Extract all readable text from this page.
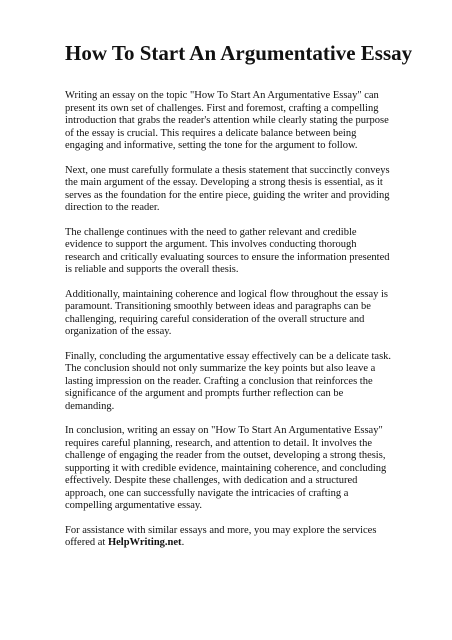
How To Start An Argumentative Essay

Writing an essay on the topic "How To Start An Argumentative Essay" can present its own set of challenges. First and foremost, crafting a compelling introduction that grabs the reader's attention while clearly stating the purpose of the essay is crucial. This requires a delicate balance between being engaging and informative, setting the tone for the argument to follow.

Next, one must carefully formulate a thesis statement that succinctly conveys the main argument of the essay. Developing a strong thesis is essential, as it serves as the foundation for the entire piece, guiding the writer and providing direction to the reader.

The challenge continues with the need to gather relevant and credible evidence to support the argument. This involves conducting thorough research and critically evaluating sources to ensure the information presented is reliable and supports the overall thesis.

Additionally, maintaining coherence and logical flow throughout the essay is paramount. Transitioning smoothly between ideas and paragraphs can be challenging, requiring careful consideration of the overall structure and organization of the essay.

Finally, concluding the argumentative essay effectively can be a delicate task. The conclusion should not only summarize the key points but also leave a lasting impression on the reader. Crafting a conclusion that reinforces the significance of the argument and prompts further reflection can be demanding.

In conclusion, writing an essay on "How To Start An Argumentative Essay" requires careful planning, research, and attention to detail. It involves the challenge of engaging the reader from the outset, developing a strong thesis, supporting it with credible evidence, maintaining coherence, and concluding effectively. Despite these challenges, with dedication and a structured approach, one can successfully navigate the intricacies of crafting a compelling argumentative essay.

For assistance with similar essays and more, you may explore the services offered at HelpWriting.net.
